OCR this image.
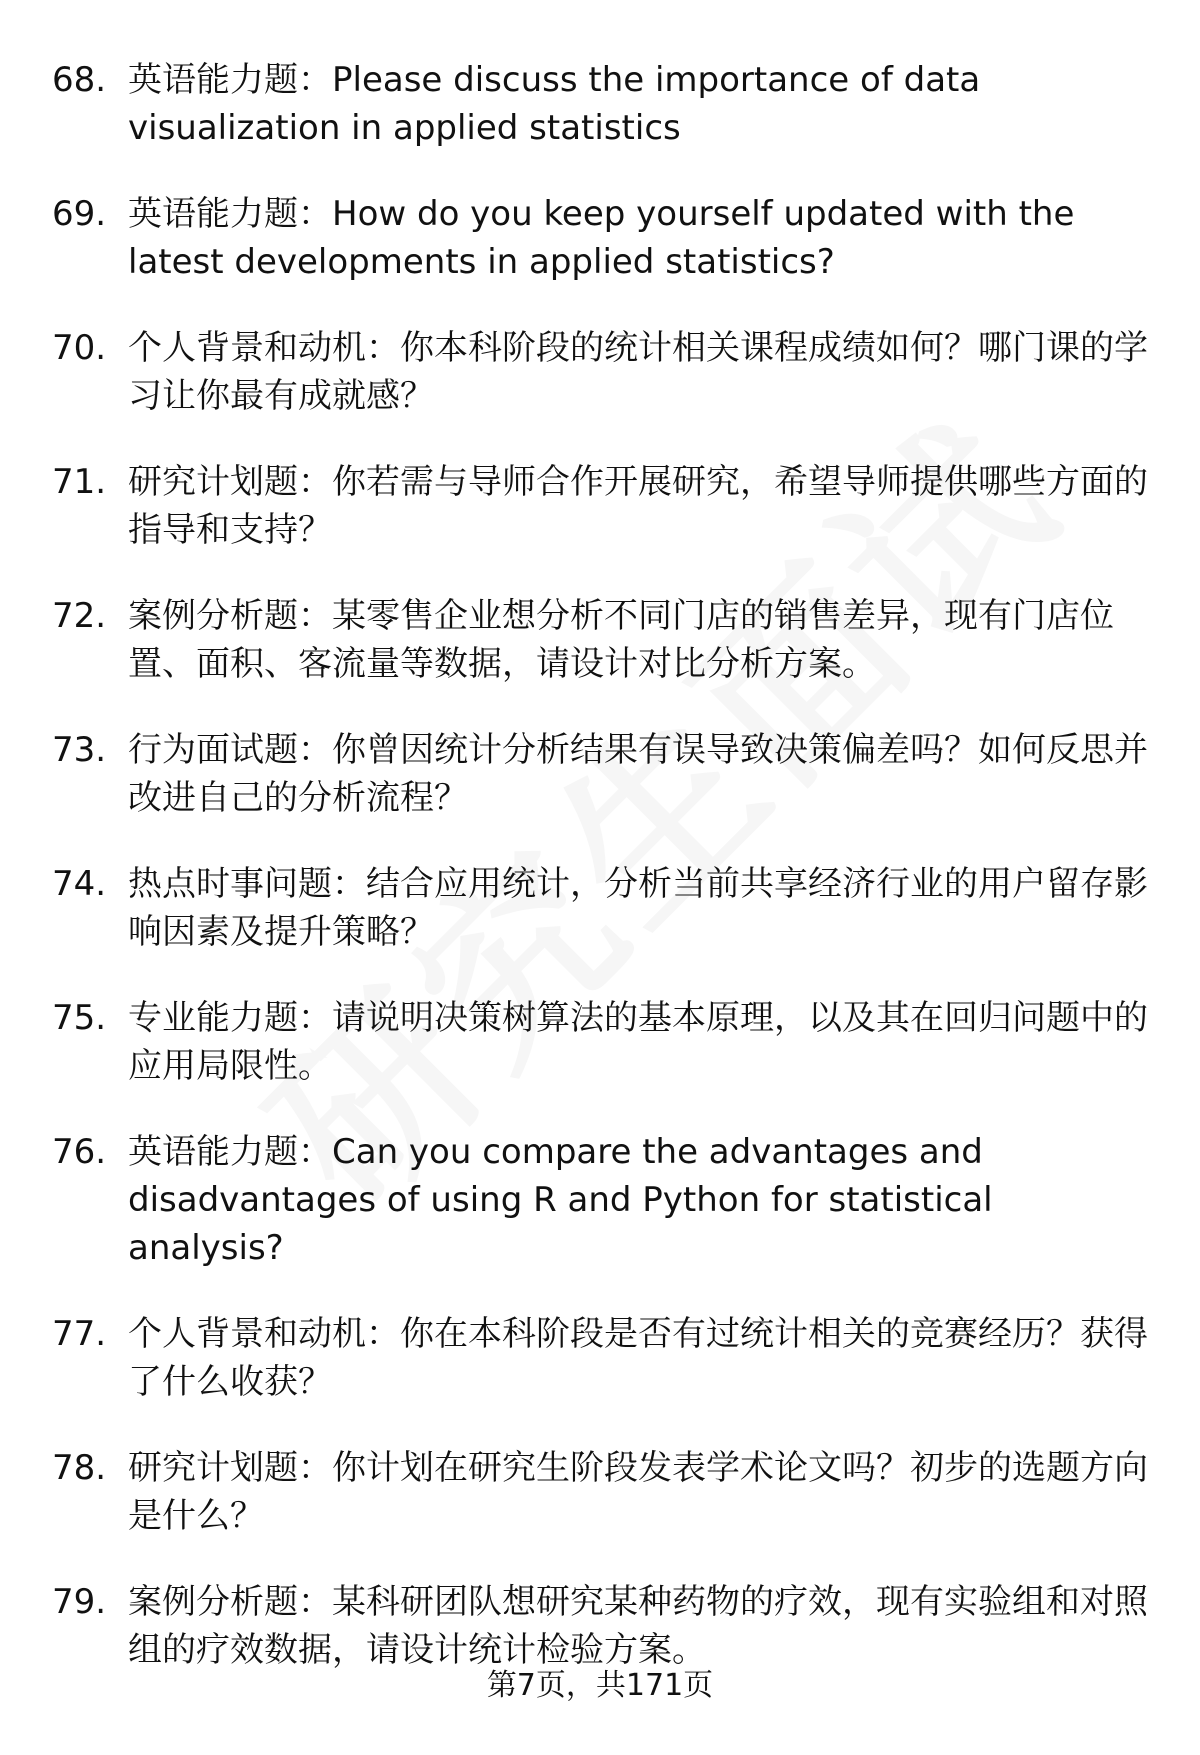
68. 英语能力题：Please discuss the importance of data visualization in applied statistics
69. 英语能力题：How do you keep yourself updated with the latest developments in applied statistics?
70. 个人背景和动机：你本科阶段的统计相关课程成绩如何？哪门课的学习让你最有成就感？
71. 研究计划题：你若需与导师合作开展研究，希望导师提供哪些方面的指导和支持？
72. 案例分析题：某零售企业想分析不同门店的销售差异，现有门店位置、面积、客流量等数据，请设计对比分析方案。
73. 行为面试题：你曾因统计分析结果有误导致决策偏差吗？如何反思并改进自己的分析流程？
74. 热点时事问题：结合应用统计，分析当前共享经济行业的用户留存影响因素及提升策略？
75. 专业能力题：请说明决策树算法的基本原理，以及其在回归问题中的应用局限性。
76. 英语能力题：Can you compare the advantages and disadvantages of using R and Python for statistical analysis?
77. 个人背景和动机：你在本科阶段是否有过统计相关的竞赛经历？获得了什么收获？
78. 研究计划题：你计划在研究生阶段发表学术论文吗？初步的选题方向是什么？
79. 案例分析题：某科研团队想研究某种药物的疗效，现有实验组和对照组的疗效数据，请设计统计检验方案。
第7页，共171页
